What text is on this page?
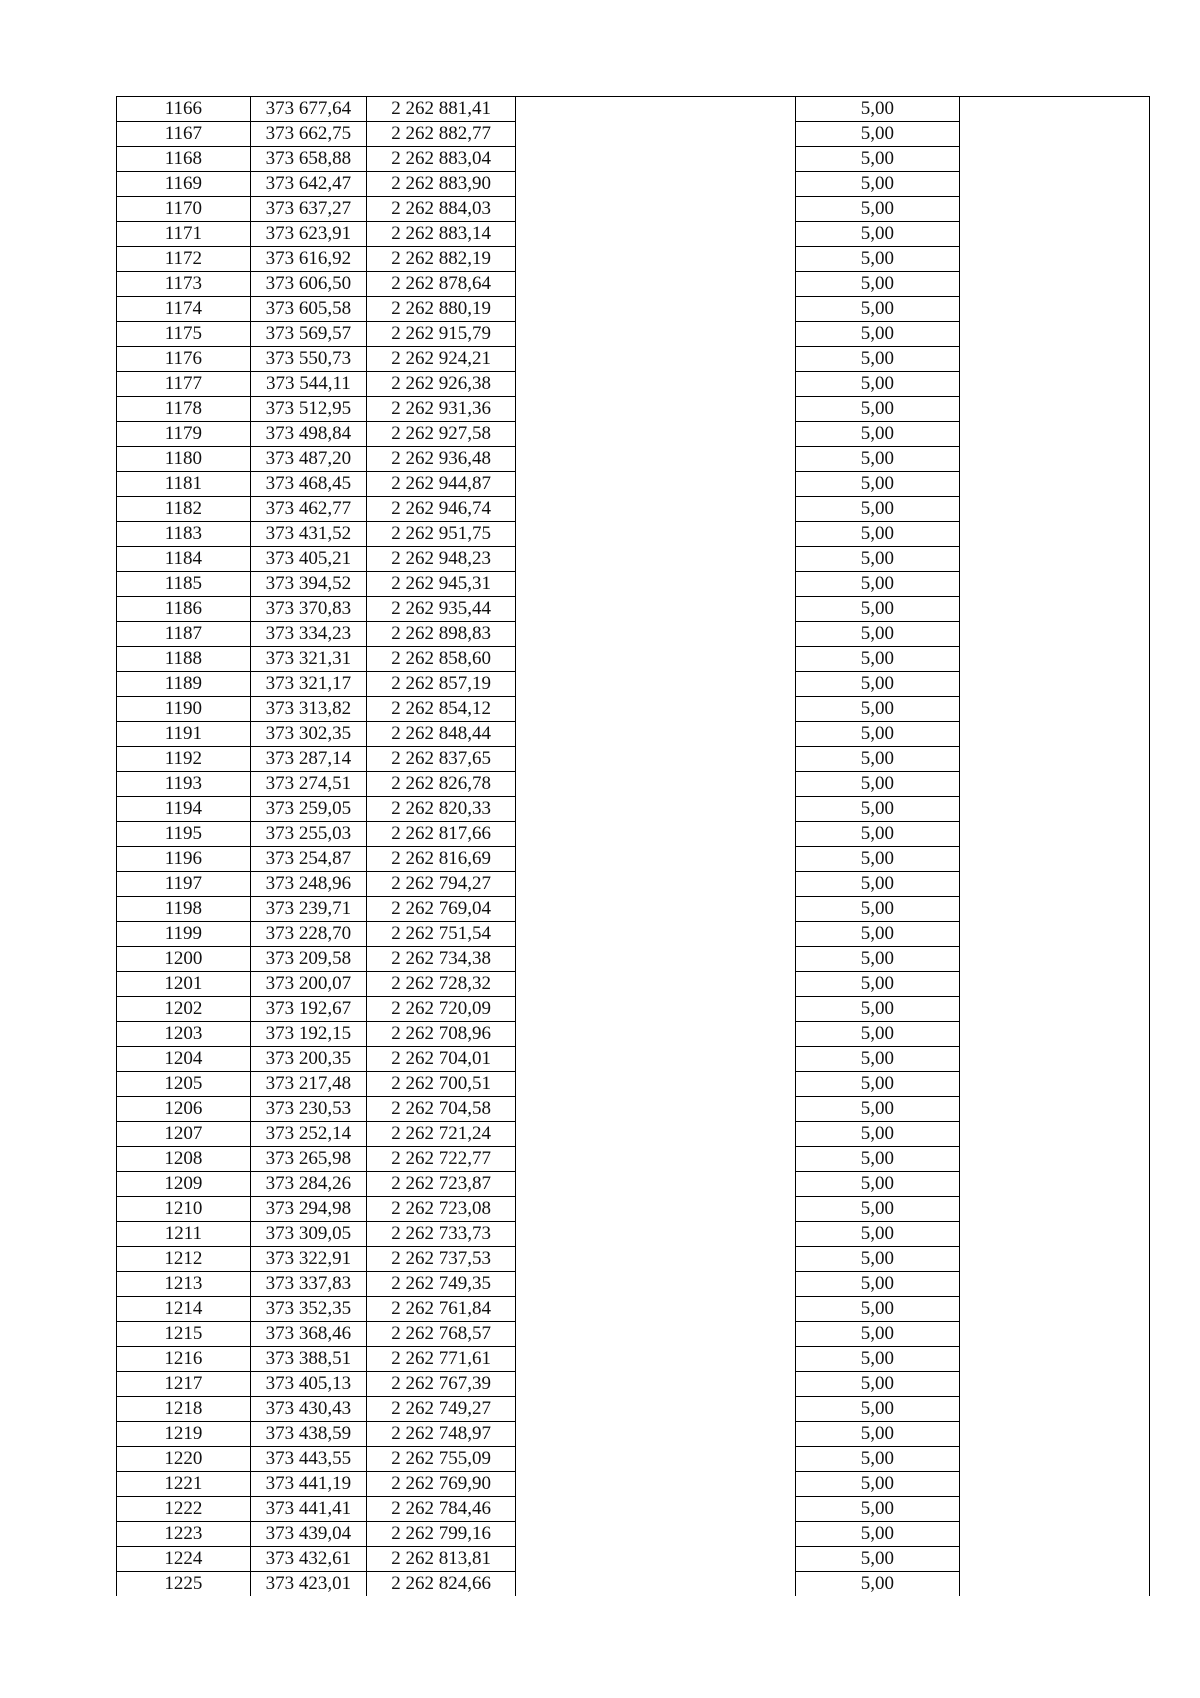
1166	373 677,64	2 262 881,41		5,00	
1167	373 662,75	2 262 882,77		5,00	
1168	373 658,88	2 262 883,04		5,00	
1169	373 642,47	2 262 883,90		5,00	
1170	373 637,27	2 262 884,03		5,00	
1171	373 623,91	2 262 883,14		5,00	
1172	373 616,92	2 262 882,19		5,00	
1173	373 606,50	2 262 878,64		5,00	
1174	373 605,58	2 262 880,19		5,00	
1175	373 569,57	2 262 915,79		5,00	
1176	373 550,73	2 262 924,21		5,00	
1177	373 544,11	2 262 926,38		5,00	
1178	373 512,95	2 262 931,36		5,00	
1179	373 498,84	2 262 927,58		5,00	
1180	373 487,20	2 262 936,48		5,00	
1181	373 468,45	2 262 944,87		5,00	
1182	373 462,77	2 262 946,74		5,00	
1183	373 431,52	2 262 951,75		5,00	
1184	373 405,21	2 262 948,23		5,00	
1185	373 394,52	2 262 945,31		5,00	
1186	373 370,83	2 262 935,44		5,00	
1187	373 334,23	2 262 898,83		5,00	
1188	373 321,31	2 262 858,60		5,00	
1189	373 321,17	2 262 857,19		5,00	
1190	373 313,82	2 262 854,12		5,00	
1191	373 302,35	2 262 848,44		5,00	
1192	373 287,14	2 262 837,65		5,00	
1193	373 274,51	2 262 826,78		5,00	
1194	373 259,05	2 262 820,33		5,00	
1195	373 255,03	2 262 817,66		5,00	
1196	373 254,87	2 262 816,69		5,00	
1197	373 248,96	2 262 794,27		5,00	
1198	373 239,71	2 262 769,04		5,00	
1199	373 228,70	2 262 751,54		5,00	
1200	373 209,58	2 262 734,38		5,00	
1201	373 200,07	2 262 728,32		5,00	
1202	373 192,67	2 262 720,09		5,00	
1203	373 192,15	2 262 708,96		5,00	
1204	373 200,35	2 262 704,01		5,00	
1205	373 217,48	2 262 700,51		5,00	
1206	373 230,53	2 262 704,58		5,00	
1207	373 252,14	2 262 721,24		5,00	
1208	373 265,98	2 262 722,77		5,00	
1209	373 284,26	2 262 723,87		5,00	
1210	373 294,98	2 262 723,08		5,00	
1211	373 309,05	2 262 733,73		5,00	
1212	373 322,91	2 262 737,53		5,00	
1213	373 337,83	2 262 749,35		5,00	
1214	373 352,35	2 262 761,84		5,00	
1215	373 368,46	2 262 768,57		5,00	
1216	373 388,51	2 262 771,61		5,00	
1217	373 405,13	2 262 767,39		5,00	
1218	373 430,43	2 262 749,27		5,00	
1219	373 438,59	2 262 748,97		5,00	
1220	373 443,55	2 262 755,09		5,00	
1221	373 441,19	2 262 769,90		5,00	
1222	373 441,41	2 262 784,46		5,00	
1223	373 439,04	2 262 799,16		5,00	
1224	373 432,61	2 262 813,81		5,00	
1225	373 423,01	2 262 824,66		5,00	
